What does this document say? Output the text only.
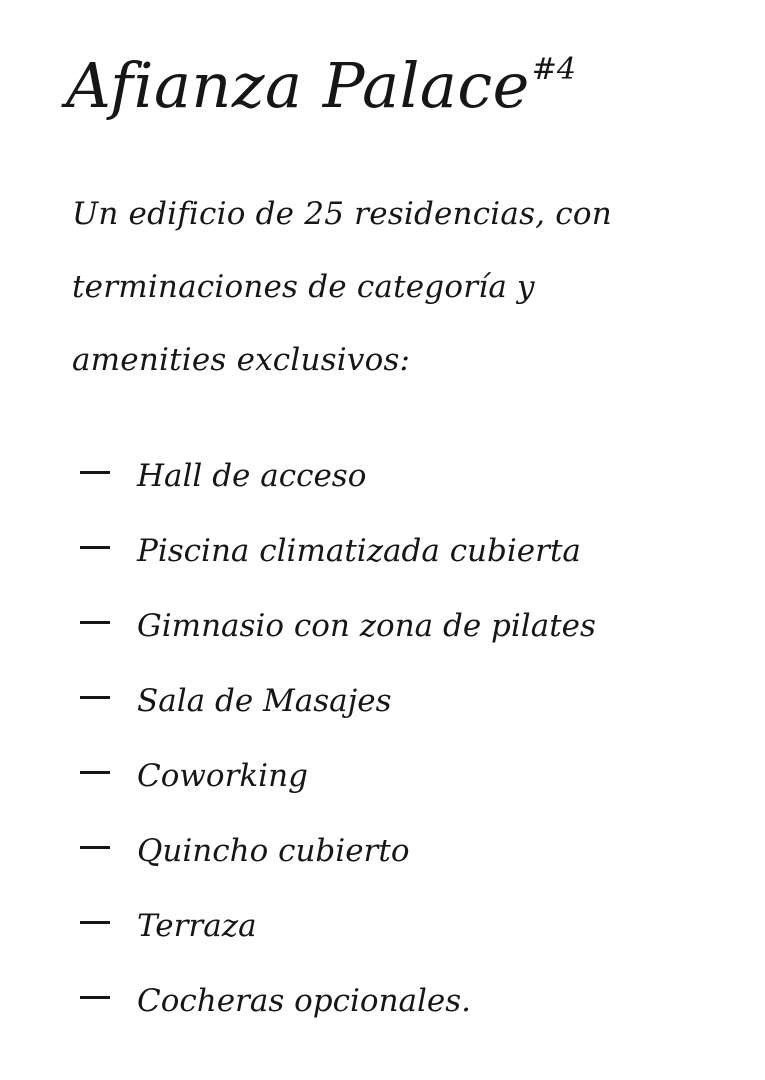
Afianza Palace$^{\#4}$

Un edificio de 25 residencias, con
terminaciones de categoría y
amenities exclusivos:

Hall de acceso
Piscina climatizada cubierta
Gimnasio con zona de pilates
Sala de Masajes
Coworking
Quincho cubierto
Terraza
Cocheras opcionales.
